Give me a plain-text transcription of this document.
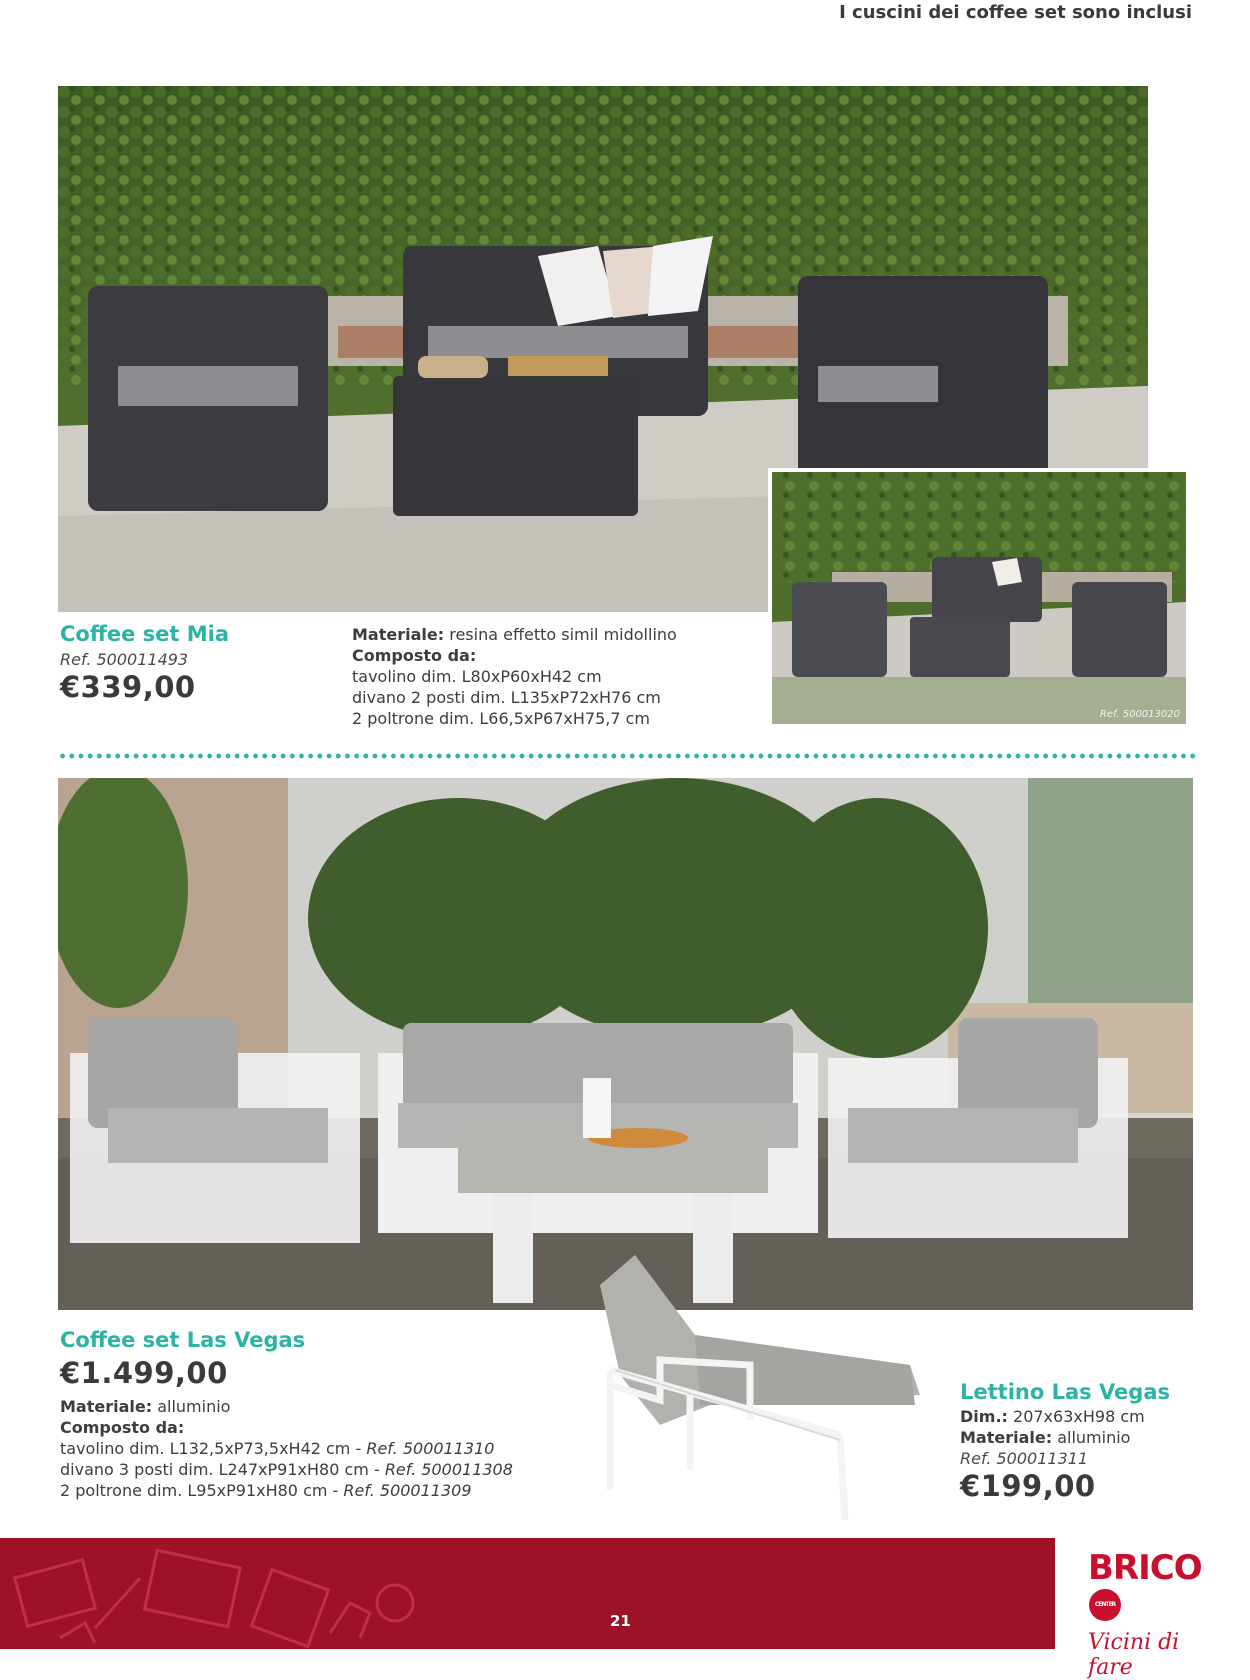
I cuscini dei coffee set sono inclusi
Ref. 500013020
Coffee set Mia
Ref. 500011493
€339,00
Materiale: resina effetto simil midollino
Composto da:
tavolino dim. L80xP60xH42 cm
divano 2 posti dim. L135xP72xH76 cm
2 poltrone dim. L66,5xP67xH75,7 cm
Coffee set Las Vegas
€1.499,00
Materiale: alluminio
Composto da:
tavolino dim. L132,5xP73,5xH42 cm - Ref. 500011310
divano 3 posti dim. L247xP91xH80 cm - Ref. 500011308
2 poltrone dim. L95xP91xH80 cm - Ref. 500011309
Lettino Las Vegas
Dim.: 207x63xH98 cm
Materiale: alluminio
Ref. 500011311
€199,00
21
BRICOCENTER
Vicini di fare
